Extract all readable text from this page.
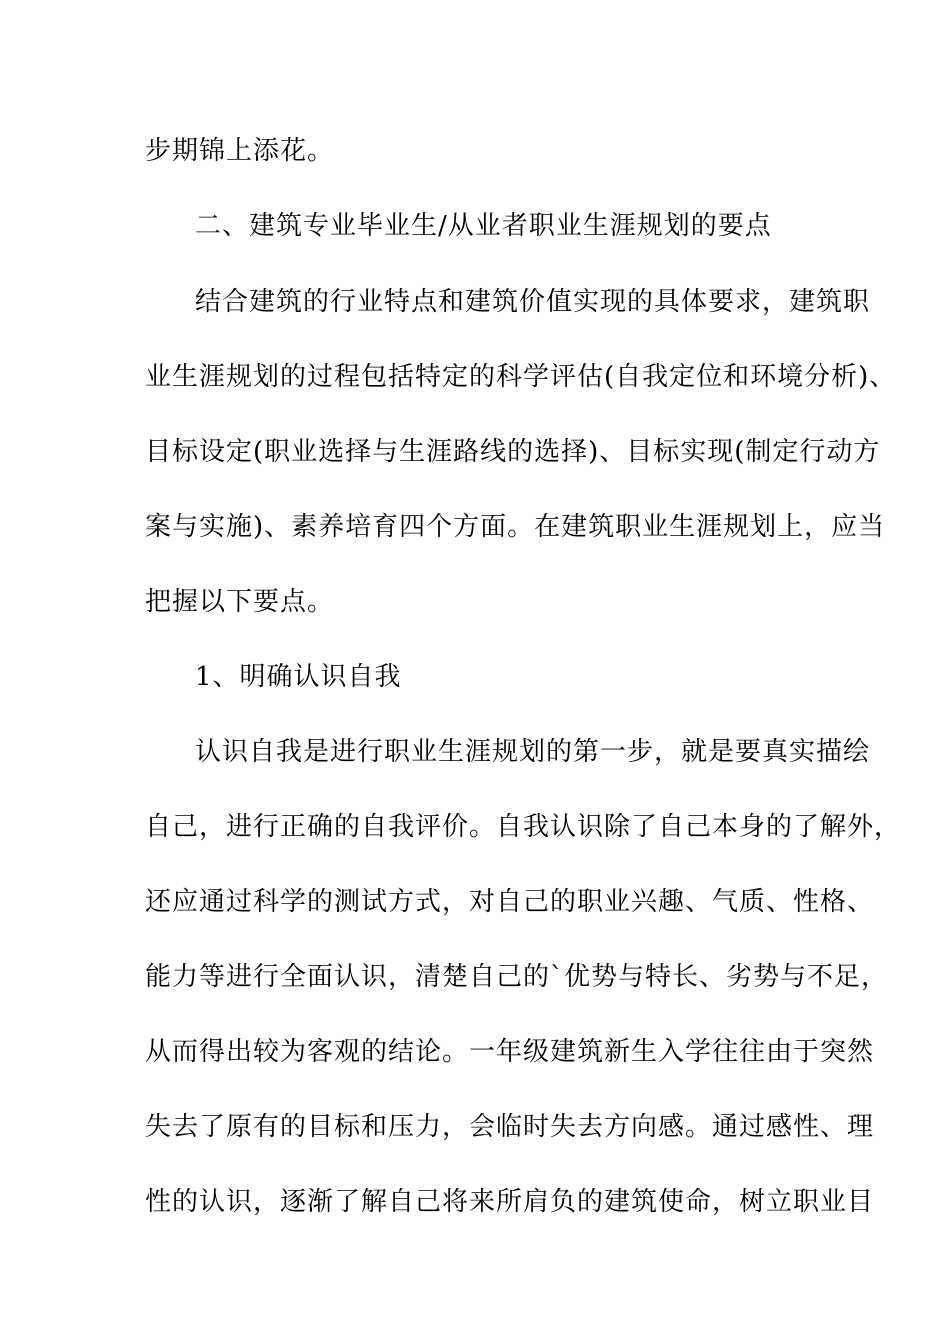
步期锦上添花。
二、建筑专业毕业生/从业者职业生涯规划的要点
结合建筑的行业特点和建筑价值实现的具体要求，建筑职
业生涯规划的过程包括特定的科学评估(自我定位和环境分析)、
目标设定(职业选择与生涯路线的选择)、目标实现(制定行动方
案与实施)、素养培育四个方面。在建筑职业生涯规划上，应当
把握以下要点。
1、明确认识自我
认识自我是进行职业生涯规划的第一步，就是要真实描绘
自己，进行正确的自我评价。自我认识除了自己本身的了解外，
还应通过科学的测试方式，对自己的职业兴趣、气质、性格、
能力等进行全面认识，清楚自己的`优势与特长、劣势与不足，
从而得出较为客观的结论。一年级建筑新生入学往往由于突然
失去了原有的目标和压力，会临时失去方向感。通过感性、理
性的认识，逐渐了解自己将来所肩负的建筑使命，树立职业目
